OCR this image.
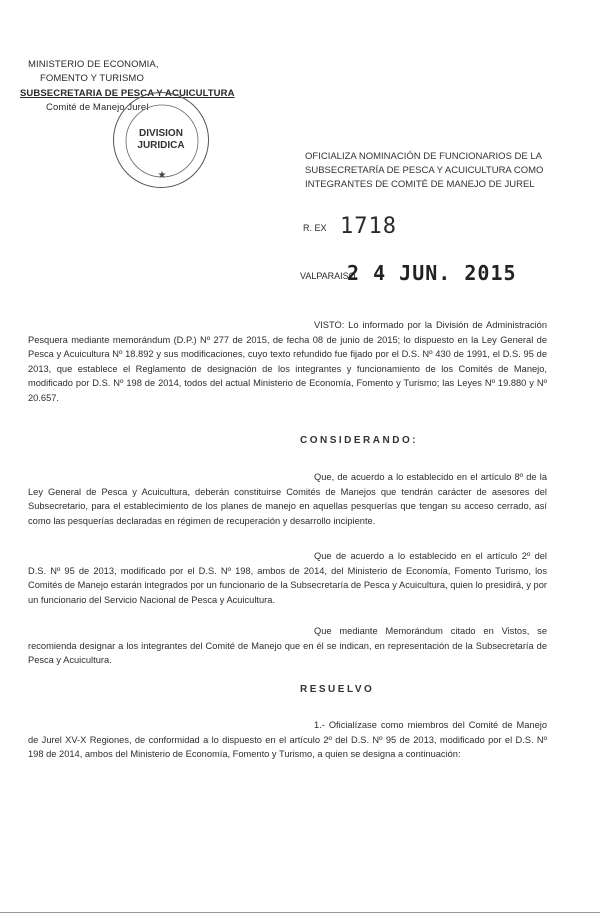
MINISTERIO DE ECONOMIA,
FOMENTO Y TURISMO
SUBSECRETARIA DE PESCA Y ACUICULTURA
Comité de Manejo Jurel
★
DIVISION
JURIDICA
OFICIALIZA NOMINACIÓN DE FUNCIONARIOS DE LA SUBSECRETARÍA DE PESCA Y ACUICULTURA COMO INTEGRANTES DE COMITÉ DE MANEJO DE JUREL
R. EX 1718
VALPARAISO
2 4 JUN. 2015
VISTO: Lo informado por la División de Administración Pesquera mediante memorándum (D.P.) Nº 277 de 2015, de fecha 08 de junio de 2015; lo dispuesto en la Ley General de Pesca y Acuicultura Nº 18.892 y sus modificaciones, cuyo texto refundido fue fijado por el D.S. Nº 430 de 1991, el D.S. 95 de 2013, que establece el Reglamento de designación de los integrantes y funcionamiento de los Comités de Manejo, modificado por D.S. Nº 198 de 2014, todos del actual Ministerio de Economía, Fomento y Turismo; las Leyes Nº 19.880 y Nº 20.657.
CONSIDERANDO:
Que, de acuerdo a lo establecido en el artículo 8º de la Ley General de Pesca y Acuicultura, deberán constituirse Comités de Manejos que tendrán carácter de asesores del Subsecretario, para el establecimiento de los planes de manejo en aquellas pesquerías que tengan su acceso cerrado, así como las pesquerías declaradas en régimen de recuperación y desarrollo incipiente.
Que de acuerdo a lo establecido en el artículo 2º del D.S. Nº 95 de 2013, modificado por el D.S. Nº 198, ambos de 2014, del Ministerio de Economía, Fomento Turismo, los Comités de Manejo estarán integrados por un funcionario de la Subsecretaría de Pesca y Acuicultura, quien lo presidirá, y por un funcionario del Servicio Nacional de Pesca y Acuicultura.
Que mediante Memorándum citado en Vistos, se recomienda designar a los integrantes del Comité de Manejo que en él se indican, en representación de la Subsecretaría de Pesca y Acuicultura.
RESUELVO
1.- Oficialízase como miembros del Comité de Manejo de Jurel XV-X Regiones, de conformidad a lo dispuesto en el artículo 2º del D.S. Nº 95 de 2013, modificado por el D.S. Nº 198 de 2014, ambos del Ministerio de Economía, Fomento y Turismo, a quien se designa a continuación:
